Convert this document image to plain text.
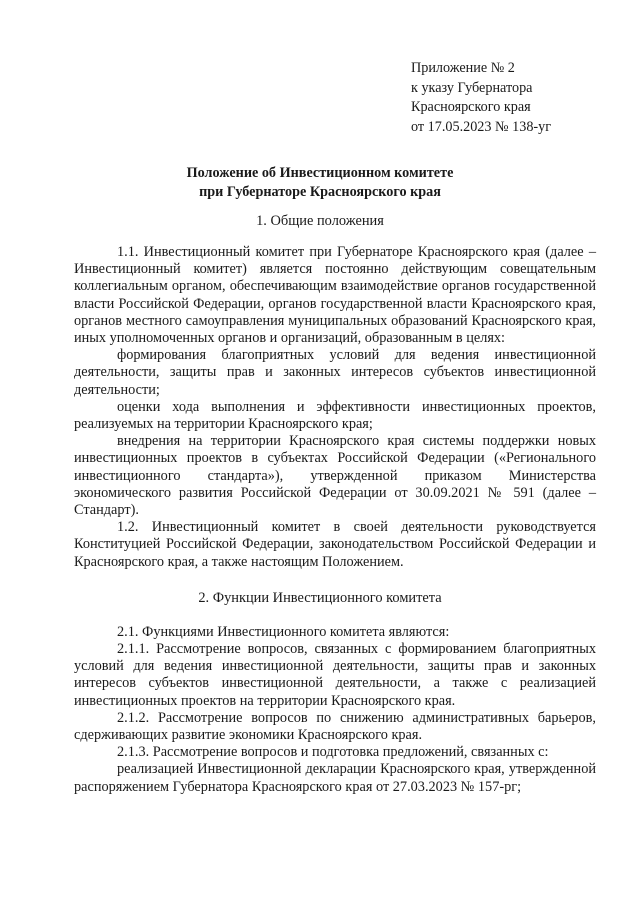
Приложение № 2
к указу Губернатора
Красноярского края
от 17.05.2023 № 138-уг
Положение об Инвестиционном комитете
при Губернаторе Красноярского края
1. Общие положения

1.1. Инвестиционный комитет при Губернаторе Красноярского края (далее – Инвестиционный комитет) является постоянно действующим совещательным коллегиальным органом, обеспечивающим взаимодействие органов государственной власти Российской Федерации, органов государственной власти Красноярского края, органов местного самоуправления муниципальных образований Красноярского края, иных уполномоченных органов и организаций, образованным в целях:

формирования благоприятных условий для ведения инвестиционной деятельности, защиты прав и законных интересов субъектов инвестиционной деятельности;

оценки хода выполнения и эффективности инвестиционных проектов, реализуемых на территории Красноярского края;

внедрения на территории Красноярского края системы поддержки новых инвестиционных проектов в субъектах Российской Федерации («Регионального инвестиционного стандарта»), утвержденной приказом Министерства экономического развития Российской Федерации от 30.09.2021 № 591 (далее – Стандарт).

1.2. Инвестиционный комитет в своей деятельности руководствуется Конституцией Российской Федерации, законодательством Российской Федерации и Красноярского края, а также настоящим Положением.

2. Функции Инвестиционного комитета

2.1. Функциями Инвестиционного комитета являются:

2.1.1. Рассмотрение вопросов, связанных с формированием благоприятных условий для ведения инвестиционной деятельности, защиты прав и законных интересов субъектов инвестиционной деятельности, а также с реализацией инвестиционных проектов на территории Красноярского края.

2.1.2. Рассмотрение вопросов по снижению административных барьеров, сдерживающих развитие экономики Красноярского края.

2.1.3. Рассмотрение вопросов и подготовка предложений, связанных с:

реализацией Инвестиционной декларации Красноярского края, утвержденной распоряжением Губернатора Красноярского края от 27.03.2023 № 157-рг;
